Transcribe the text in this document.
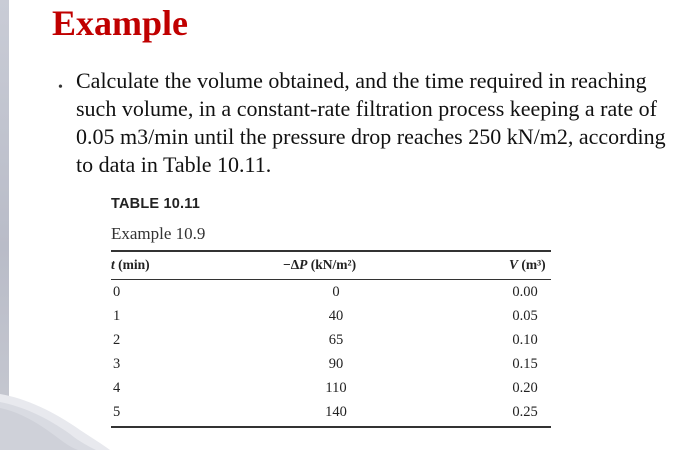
Example
• Calculate the volume obtained, and the time required in reaching such volume, in a constant-rate filtration process keeping a rate of 0.05 m3/min until the pressure drop reaches 250 kN/m2, according to data in Table 10.11.

TABLE 10.11
Example 10.9
t (min)	−ΔP (kN/m²)	V (m³)
0	0	0.00
1	40	0.05
2	65	0.10
3	90	0.15
4	110	0.20
5	140	0.25
